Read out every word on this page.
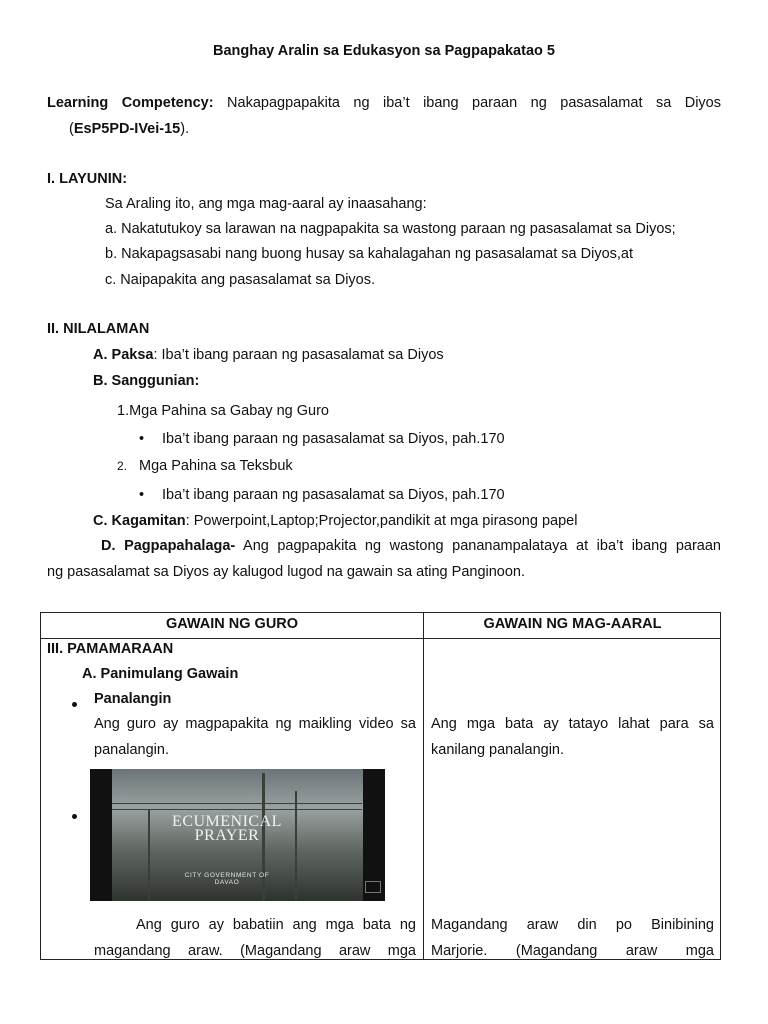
Banghay Aralin sa Edukasyon sa Pagpapakatao 5
Learning Competency: Nakapagpapakita ng iba’t ibang paraan ng pasasalamat sa Diyos
(EsP5PD-IVei-15).
I. LAYUNIN:
Sa Araling ito, ang mga mag-aaral ay inaasahang:
a. Nakatutukoy sa larawan na nagpapakita sa wastong paraan ng pasasalamat sa Diyos;
b. Nakapagsasabi nang buong husay sa kahalagahan ng pasasalamat sa Diyos,at
c. Naipapakita ang pasasalamat sa Diyos.
II. NILALAMAN
A. Paksa: Iba’t ibang paraan ng pasasalamat sa Diyos
B. Sanggunian:
1.Mga Pahina sa Gabay ng Guro
• Iba’t ibang paraan ng pasasalamat sa Diyos, pah.170
2. Mga Pahina sa Teksbuk
• Iba’t ibang paraan ng pasasalamat sa Diyos, pah.170
C. Kagamitan: Powerpoint,Laptop;Projector,pandikit at mga pirasong papel
D. Pagpapahalaga- Ang pagpapakita ng wastong pananampalataya at iba’t ibang paraan
ng pasasalamat sa Diyos ay kalugod lugod na gawain sa ating Panginoon.
GAWAIN NG GURO	GAWAIN NG MAG-AARAL
III. PAMAMARAAN
A. Panimulang Gawain
Panalangin
Ang guro ay magpapakita ng maikling video sa
panalangin.
Ang mga bata ay tatayo lahat para sa
kanilang panalangin.
ECUMENICAL
PRAYER
CITY GOVERNMENT OF DAVAO
Ang guro ay babatiin ang mga bata ng
magandang araw. (Magandang araw mga
Magandang araw din po Binibining
Marjorie. (Magandang araw mga
